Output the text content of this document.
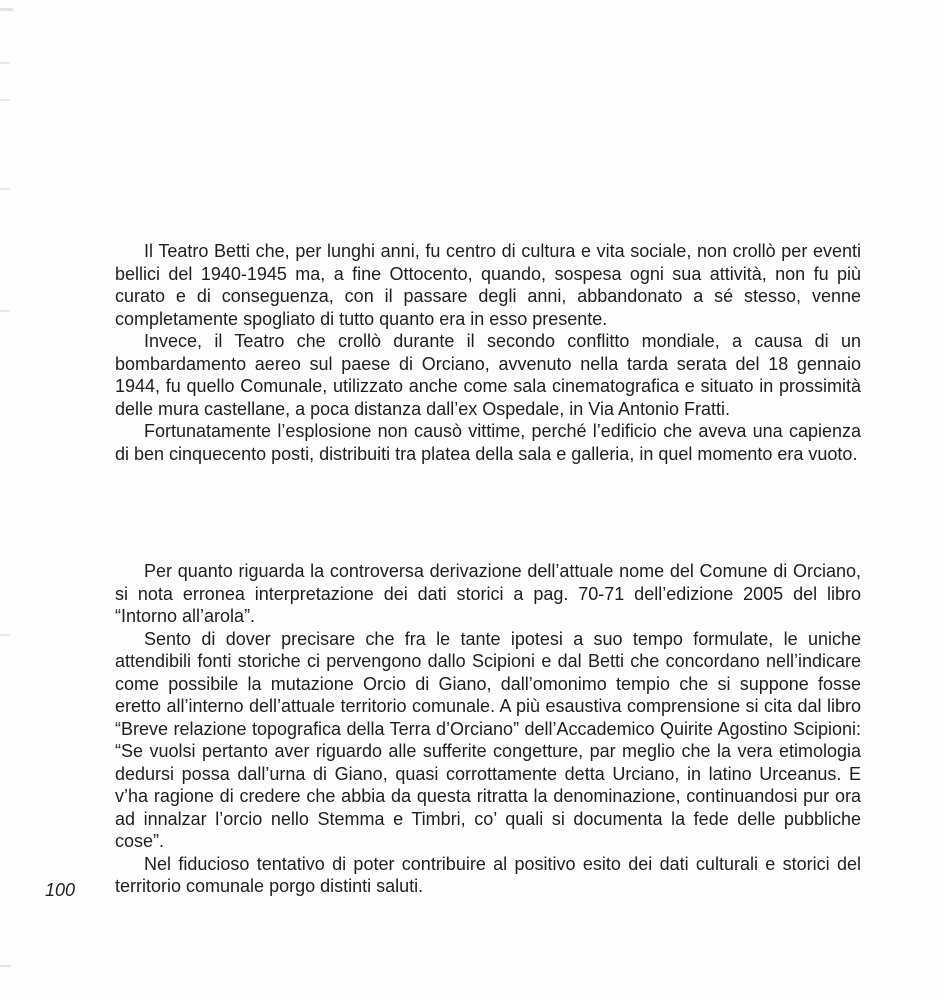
Il Teatro Betti che, per lunghi anni, fu centro di cultura e vita sociale, non crollò per eventi bellici del 1940-1945 ma, a fine Ottocento, quando, sospesa ogni sua attività, non fu più curato e di conseguenza, con il passare degli anni, abbandonato a sé stesso, venne completamente spogliato di tutto quanto era in esso presente.

Invece, il Teatro che crollò durante il secondo conflitto mondiale, a causa di un bombardamento aereo sul paese di Orciano, avvenuto nella tarda serata del 18 gennaio 1944, fu quello Comunale, utilizzato anche come sala cinematografica e situato in prossimità delle mura castellane, a poca distanza dall’ex Ospedale, in Via Antonio Fratti.

Fortunatamente l’esplosione non causò vittime, perché l’edificio che aveva una capienza di ben cinquecento posti, distribuiti tra platea della sala e galleria, in quel momento era vuoto.

Per quanto riguarda la controversa derivazione dell’attuale nome del Comune di Orciano, si nota erronea interpretazione dei dati storici a pag. 70-71 dell’edizione 2005 del libro “Intorno all’arola”.

Sento di dover precisare che fra le tante ipotesi a suo tempo formulate, le uniche attendibili fonti storiche ci pervengono dallo Scipioni e dal Betti che concordano nell’indicare come possibile la mutazione Orcio di Giano, dall’omonimo tempio che si suppone fosse eretto all’interno dell’attuale territorio comunale. A più esaustiva comprensione si cita dal libro “Breve relazione topografica della Terra d’Orciano” dell’Accademico Quirite Agostino Scipioni: “Se vuolsi pertanto aver riguardo alle sufferite congetture, par meglio che la vera etimologia dedursi possa dall’urna di Giano, quasi corrottamente detta Urciano, in latino Urceanus. E v’ha ragione di credere che abbia da questa ritratta la denominazione, continuandosi pur ora ad innalzar l’orcio nello Stemma e Timbri, co’ quali si documenta la fede delle pubbliche cose”.

Nel fiducioso tentativo di poter contribuire al positivo esito dei dati culturali e storici del territorio comunale porgo distinti saluti.

100
